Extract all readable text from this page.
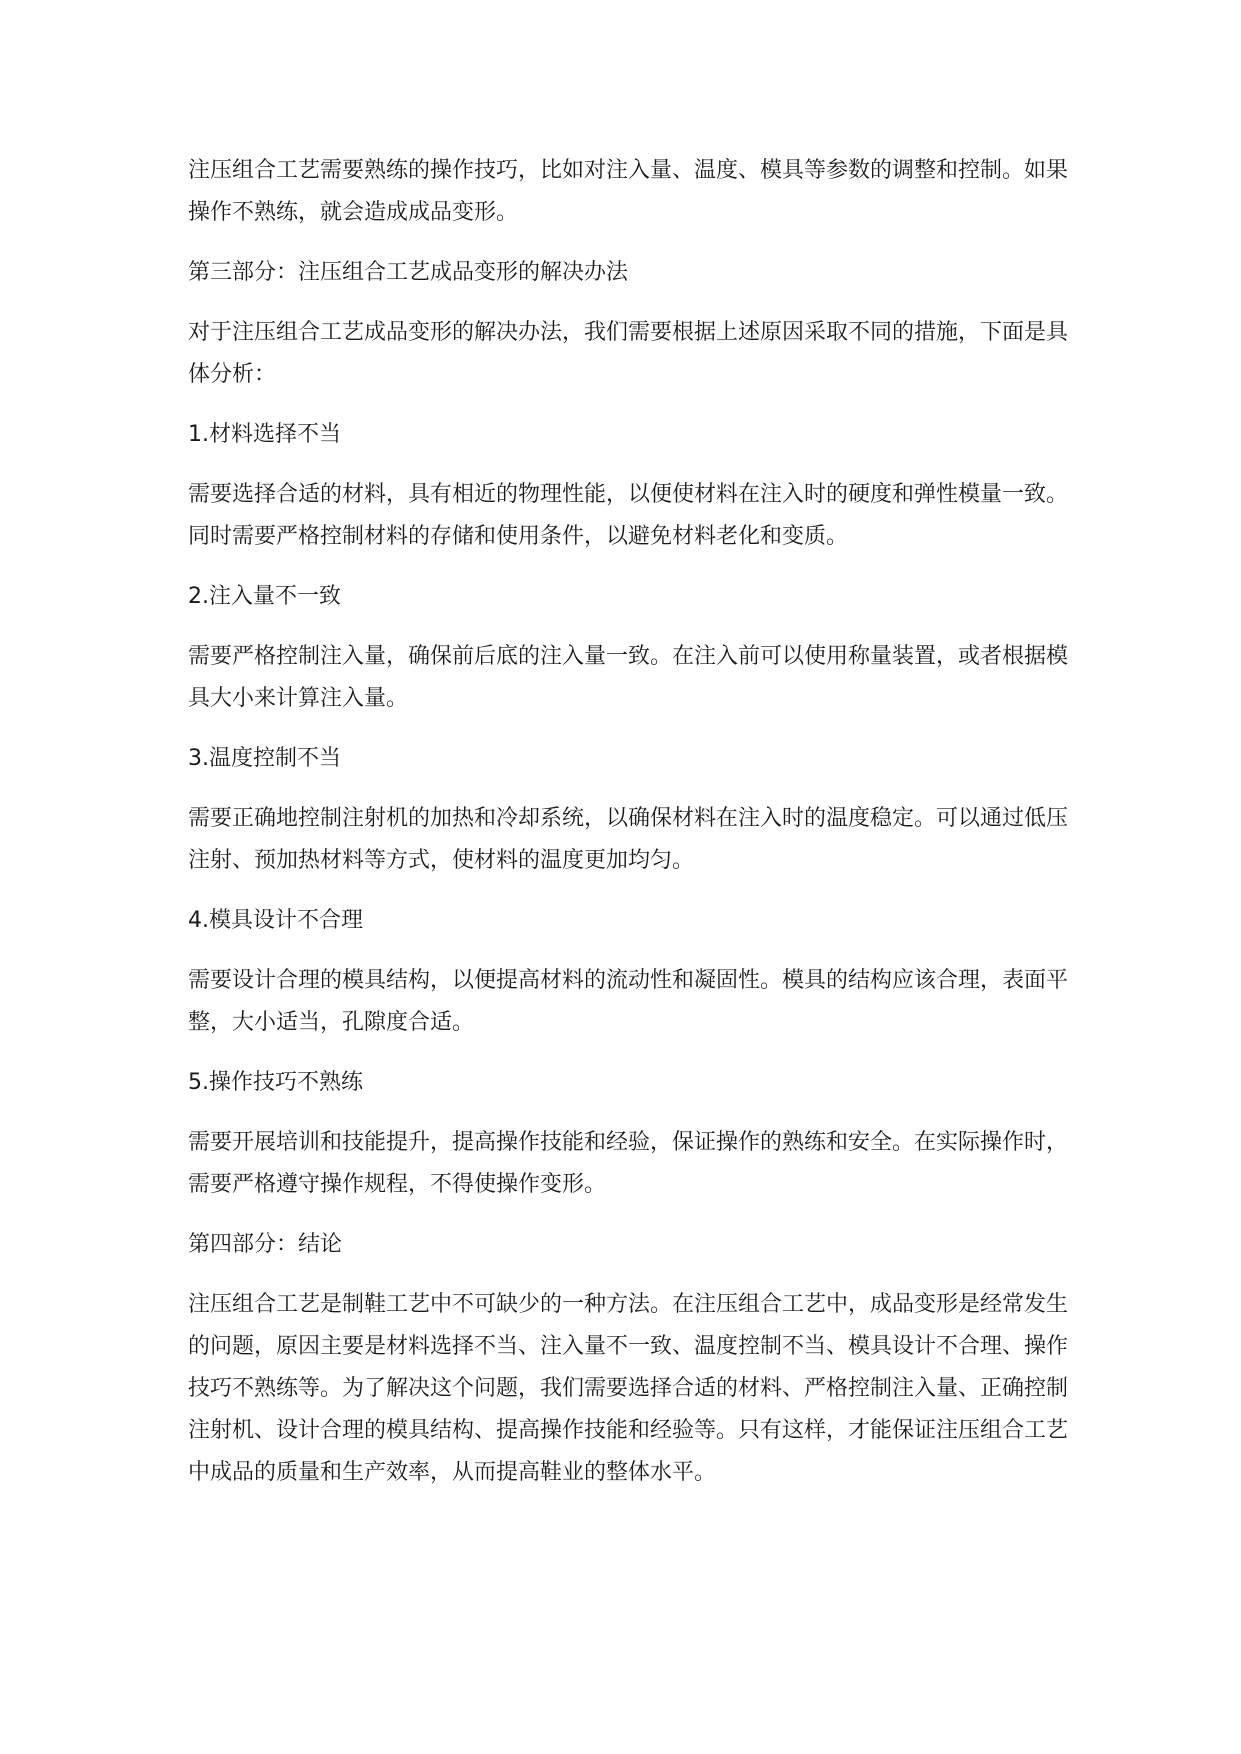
注压组合工艺需要熟练的操作技巧，比如对注入量、温度、模具等参数的调整和控制。如果操作不熟练，就会造成成品变形。

第三部分：注压组合工艺成品变形的解决办法

对于注压组合工艺成品变形的解决办法，我们需要根据上述原因采取不同的措施，下面是具体分析：

1.材料选择不当

需要选择合适的材料，具有相近的物理性能，以便使材料在注入时的硬度和弹性模量一致。同时需要严格控制材料的存储和使用条件，以避免材料老化和变质。

2.注入量不一致

需要严格控制注入量，确保前后底的注入量一致。在注入前可以使用称量装置，或者根据模具大小来计算注入量。

3.温度控制不当

需要正确地控制注射机的加热和冷却系统，以确保材料在注入时的温度稳定。可以通过低压注射、预加热材料等方式，使材料的温度更加均匀。

4.模具设计不合理

需要设计合理的模具结构，以便提高材料的流动性和凝固性。模具的结构应该合理，表面平整，大小适当，孔隙度合适。

5.操作技巧不熟练

需要开展培训和技能提升，提高操作技能和经验，保证操作的熟练和安全。在实际操作时，需要严格遵守操作规程，不得使操作变形。

第四部分：结论

注压组合工艺是制鞋工艺中不可缺少的一种方法。在注压组合工艺中，成品变形是经常发生的问题，原因主要是材料选择不当、注入量不一致、温度控制不当、模具设计不合理、操作技巧不熟练等。为了解决这个问题，我们需要选择合适的材料、严格控制注入量、正确控制注射机、设计合理的模具结构、提高操作技能和经验等。只有这样，才能保证注压组合工艺中成品的质量和生产效率，从而提高鞋业的整体水平。
